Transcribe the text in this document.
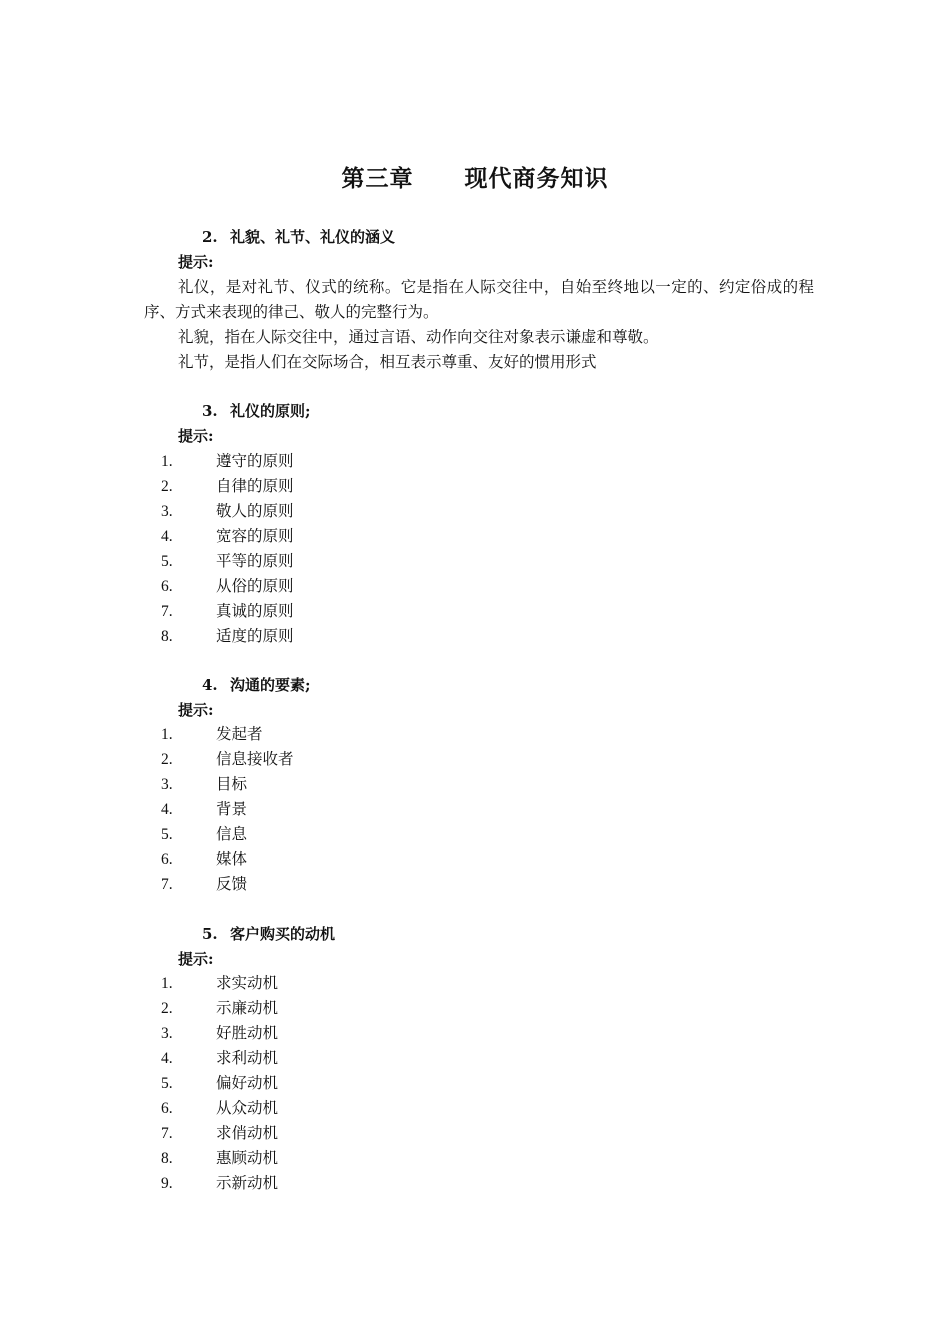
第三章　 现代商务知识
2. 礼貌、礼节、礼仪的涵义
提示:
礼仪，是对礼节、仪式的统称。它是指在人际交往中，自始至终地以一定的、约定俗成的程序、方式来表现的律己、敬人的完整行为。
礼貌，指在人际交往中，通过言语、动作向交往对象表示谦虚和尊敬。
礼节，是指人们在交际场合，相互表示尊重、友好的惯用形式
3. 礼仪的原则;
提示:
1.	遵守的原则
2.	自律的原则
3.	敬人的原则
4.	宽容的原则
5.	平等的原则
6.	从俗的原则
7.	真诚的原则
8.	适度的原则
4. 沟通的要素;
提示:
1.	发起者
2.	信息接收者
3.	目标
4.	背景
5.	信息
6.	媒体
7.	反馈
5. 客户购买的动机
提示:
1.	求实动机
2.	示廉动机
3.	好胜动机
4.	求利动机
5.	偏好动机
6.	从众动机
7.	求俏动机
8.	惠顾动机
9.	示新动机
